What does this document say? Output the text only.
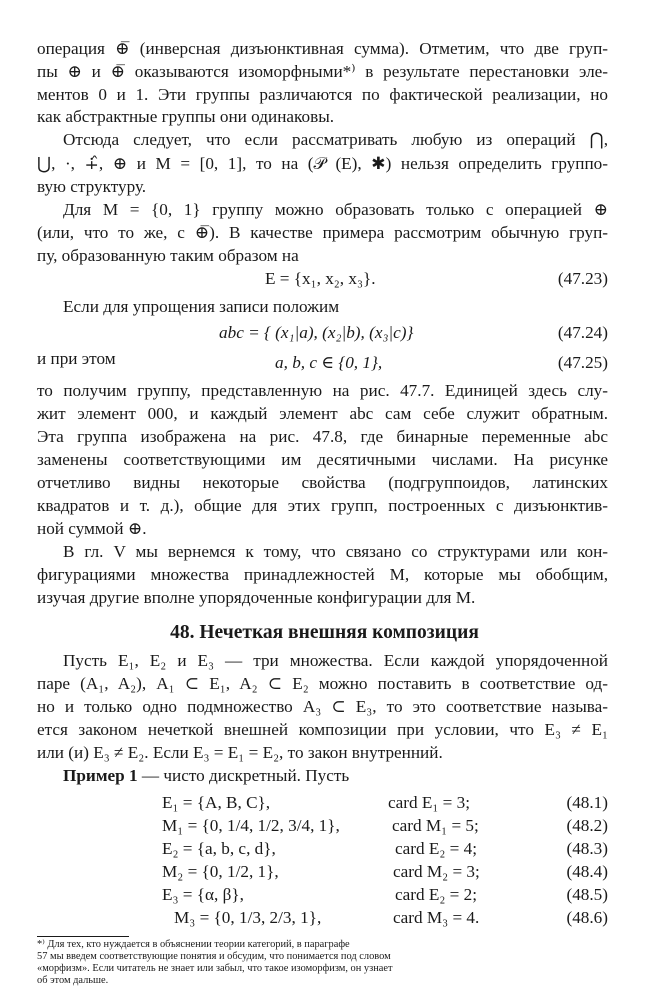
операция ⊕̅ (инверсная дизъюнктивная сумма). Отметим, что две груп-
пы ⊕ и ⊕̅ оказываются изоморфными*⁾ в результате перестановки эле-
ментов 0 и 1. Эти группы различаются по фактической реализации, но
как абстрактные группы они одинаковы.
Отсюда следует, что если рассматривать любую из операций ⋂,
⋃, ·, ∔̂, ⊕ и M = [0, 1], то на (𝒫 (E), ✱) нельзя определить группо-
вую структуру.
Для M = {0, 1} группу можно образовать только с операцией ⊕
(или, что то же, с ⊕̅). В качестве примера рассмотрим обычную груп-
пу, образованную таким образом на
E = {x₁, x₂, x₃}.	(47.23)
Если для упрощения записи положим
abc = { (x₁|a), (x₂|b), (x₃|c)}	(47.24)
и при этом	a, b, c ∈ {0, 1},	(47.25)
то получим группу, представленную на рис. 47.7. Единицей здесь слу-
жит элемент 000, и каждый элемент abc сам себе служит обратным.
Эта группа изображена на рис. 47.8, где бинарные переменные abc
заменены соответствующими им десятичными числами. На рисунке
отчетливо видны некоторые свойства (подгруппоидов, латинских
квадратов и т. д.), общие для этих групп, построенных с дизъюнктив-
ной суммой ⊕.
В гл. V мы вернемся к тому, что связано со структурами или кон-
фигурациями множества принадлежностей M, которые мы обобщим,
изучая другие вполне упорядоченные конфигурации для M.
48. Нечеткая внешняя композиция
Пусть E₁, E₂ и E₃ — три множества. Если каждой упорядоченной
паре (A₁, A₂), A₁ ⊂ E₁, A₂ ⊂ E₂ можно поставить в соответствие од-
но и только одно подмножество A₃ ⊂ E₃, то это соответствие называ-
ется законом нечеткой внешней композиции при условии, что E₃ ≠ E₁
или (и) E₃ ≠ E₂. Если E₃ = E₁ = E₂, то закон внутренний.
Пример 1 — чисто дискретный. Пусть
E₁ = {A, B, C},	card E₁ = 3;	(48.1)
M₁ = {0, 1/4, 1/2, 3/4, 1},	card M₁ = 5;	(48.2)
E₂ = {a, b, c, d},	card E₂ = 4;	(48.3)
M₂ = {0, 1/2, 1},	card M₂ = 3;	(48.4)
E₃ = {α, β},	card E₂ = 2;	(48.5)
M₃ = {0, 1/3, 2/3, 1},	card M₃ = 4.	(48.6)
*⁾ Для тех, кто нуждается в объяснении теории категорий, в параграфе
57 мы введем соответствующие понятия и обсудим, что понимается под словом
«морфизм». Если читатель не знает или забыл, что такое изоморфизм, он узнает
об этом дальше.
